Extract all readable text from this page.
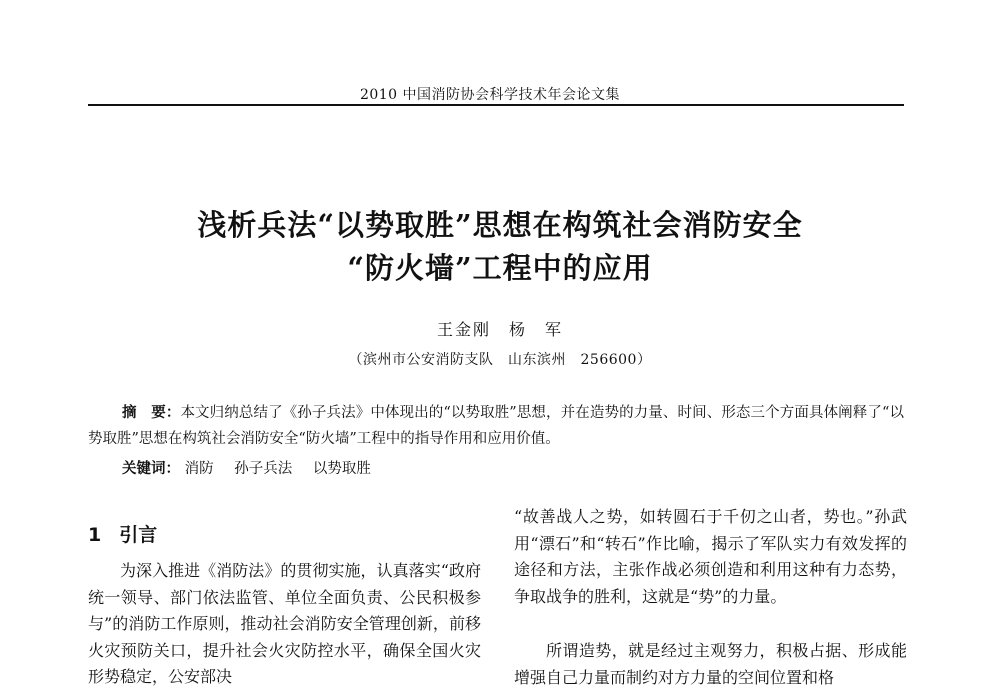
2010 中国消防协会科学技术年会论文集
浅析兵法“以势取胜”思想在构筑社会消防安全
“防火墙”工程中的应用
王金刚　杨　军
（滨州市公安消防支队　山东滨州　256600）
摘　要：本文归纳总结了《孙子兵法》中体现出的“以势取胜”思想，并在造势的力量、时间、形态三个方面具体阐释了“以势取胜”思想在构筑社会消防安全“防火墙”工程中的指导作用和应用价值。
关键词： 消防 孙子兵法 以势取胜
1 引言
为深入推进《消防法》的贯彻实施，认真落实“政府统一领导、部门依法监管、单位全面负责、公民积极参与”的消防工作原则，推动社会消防安全管理创新，前移火灾预防关口，提升社会火灾防控水平，确保全国火灾形势稳定，公安部决
“故善战人之势，如转圆石于千仞之山者，势也。”孙武用“漂石”和“转石”作比喻，揭示了军队实力有效发挥的途径和方法，主张作战必须创造和利用这种有力态势，争取战争的胜利，这就是“势”的力量。
所谓造势，就是经过主观努力，积极占据、形成能增强自己力量而制约对方力量的空间位置和格
